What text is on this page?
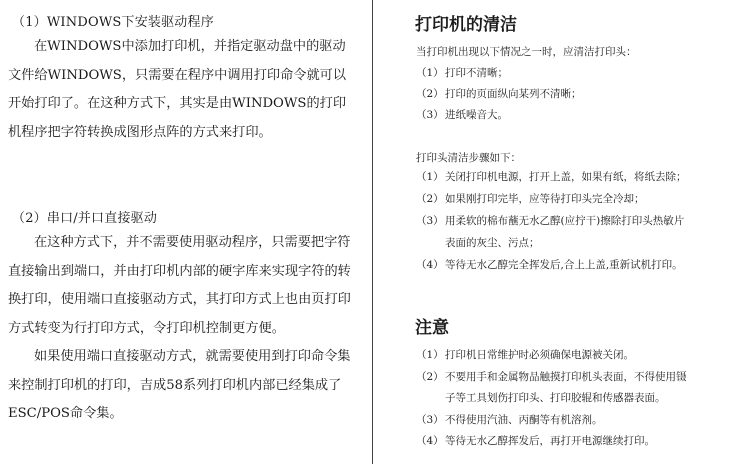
（1）WINDOWS下安装驱动程序

在WINDOWS中添加打印机，并指定驱动盘中的驱动文件给WINDOWS，只需要在程序中调用打印命令就可以开始打印了。在这种方式下，其实是由WINDOWS的打印机程序把字符转换成图形点阵的方式来打印。

（2）串口/并口直接驱动

在这种方式下，并不需要使用驱动程序，只需要把字符直接输出到端口，并由打印机内部的硬字库来实现字符的转换打印，使用端口直接驱动方式，其打印方式上也由页打印方式转变为行打印方式，令打印机控制更方便。

如果使用端口直接驱动方式，就需要使用到打印命令集来控制打印机的打印，吉成58系列打印机内部已经集成了ESC/POS命令集。

打印机的清洁
当打印机出现以下情况之一时，应清洁打印头：
（1） 打印不清晰；
（2） 打印的页面纵向某列不清晰；
（3） 进纸噪音大。
打印头清洁步骤如下：
（1） 关闭打印机电源，打开上盖，如果有纸，将纸去除；
（2） 如果刚打印完毕，应等待打印头完全冷却；
（3） 用柔软的棉布蘸无水乙醇(应拧干)擦除打印头热敏片
表面的灰尘、污点；
（4） 等待无水乙醇完全挥发后,合上上盖,重新试机打印。
注意
（1） 打印机日常维护时必须确保电源被关闭。
（2） 不要用手和金属物品触摸打印机头表面，不得使用镊
子等工具划伤打印头、打印胶辊和传感器表面。
（3） 不得使用汽油、丙酮等有机溶剂。
（4） 等待无水乙醇挥发后，再打开电源继续打印。
